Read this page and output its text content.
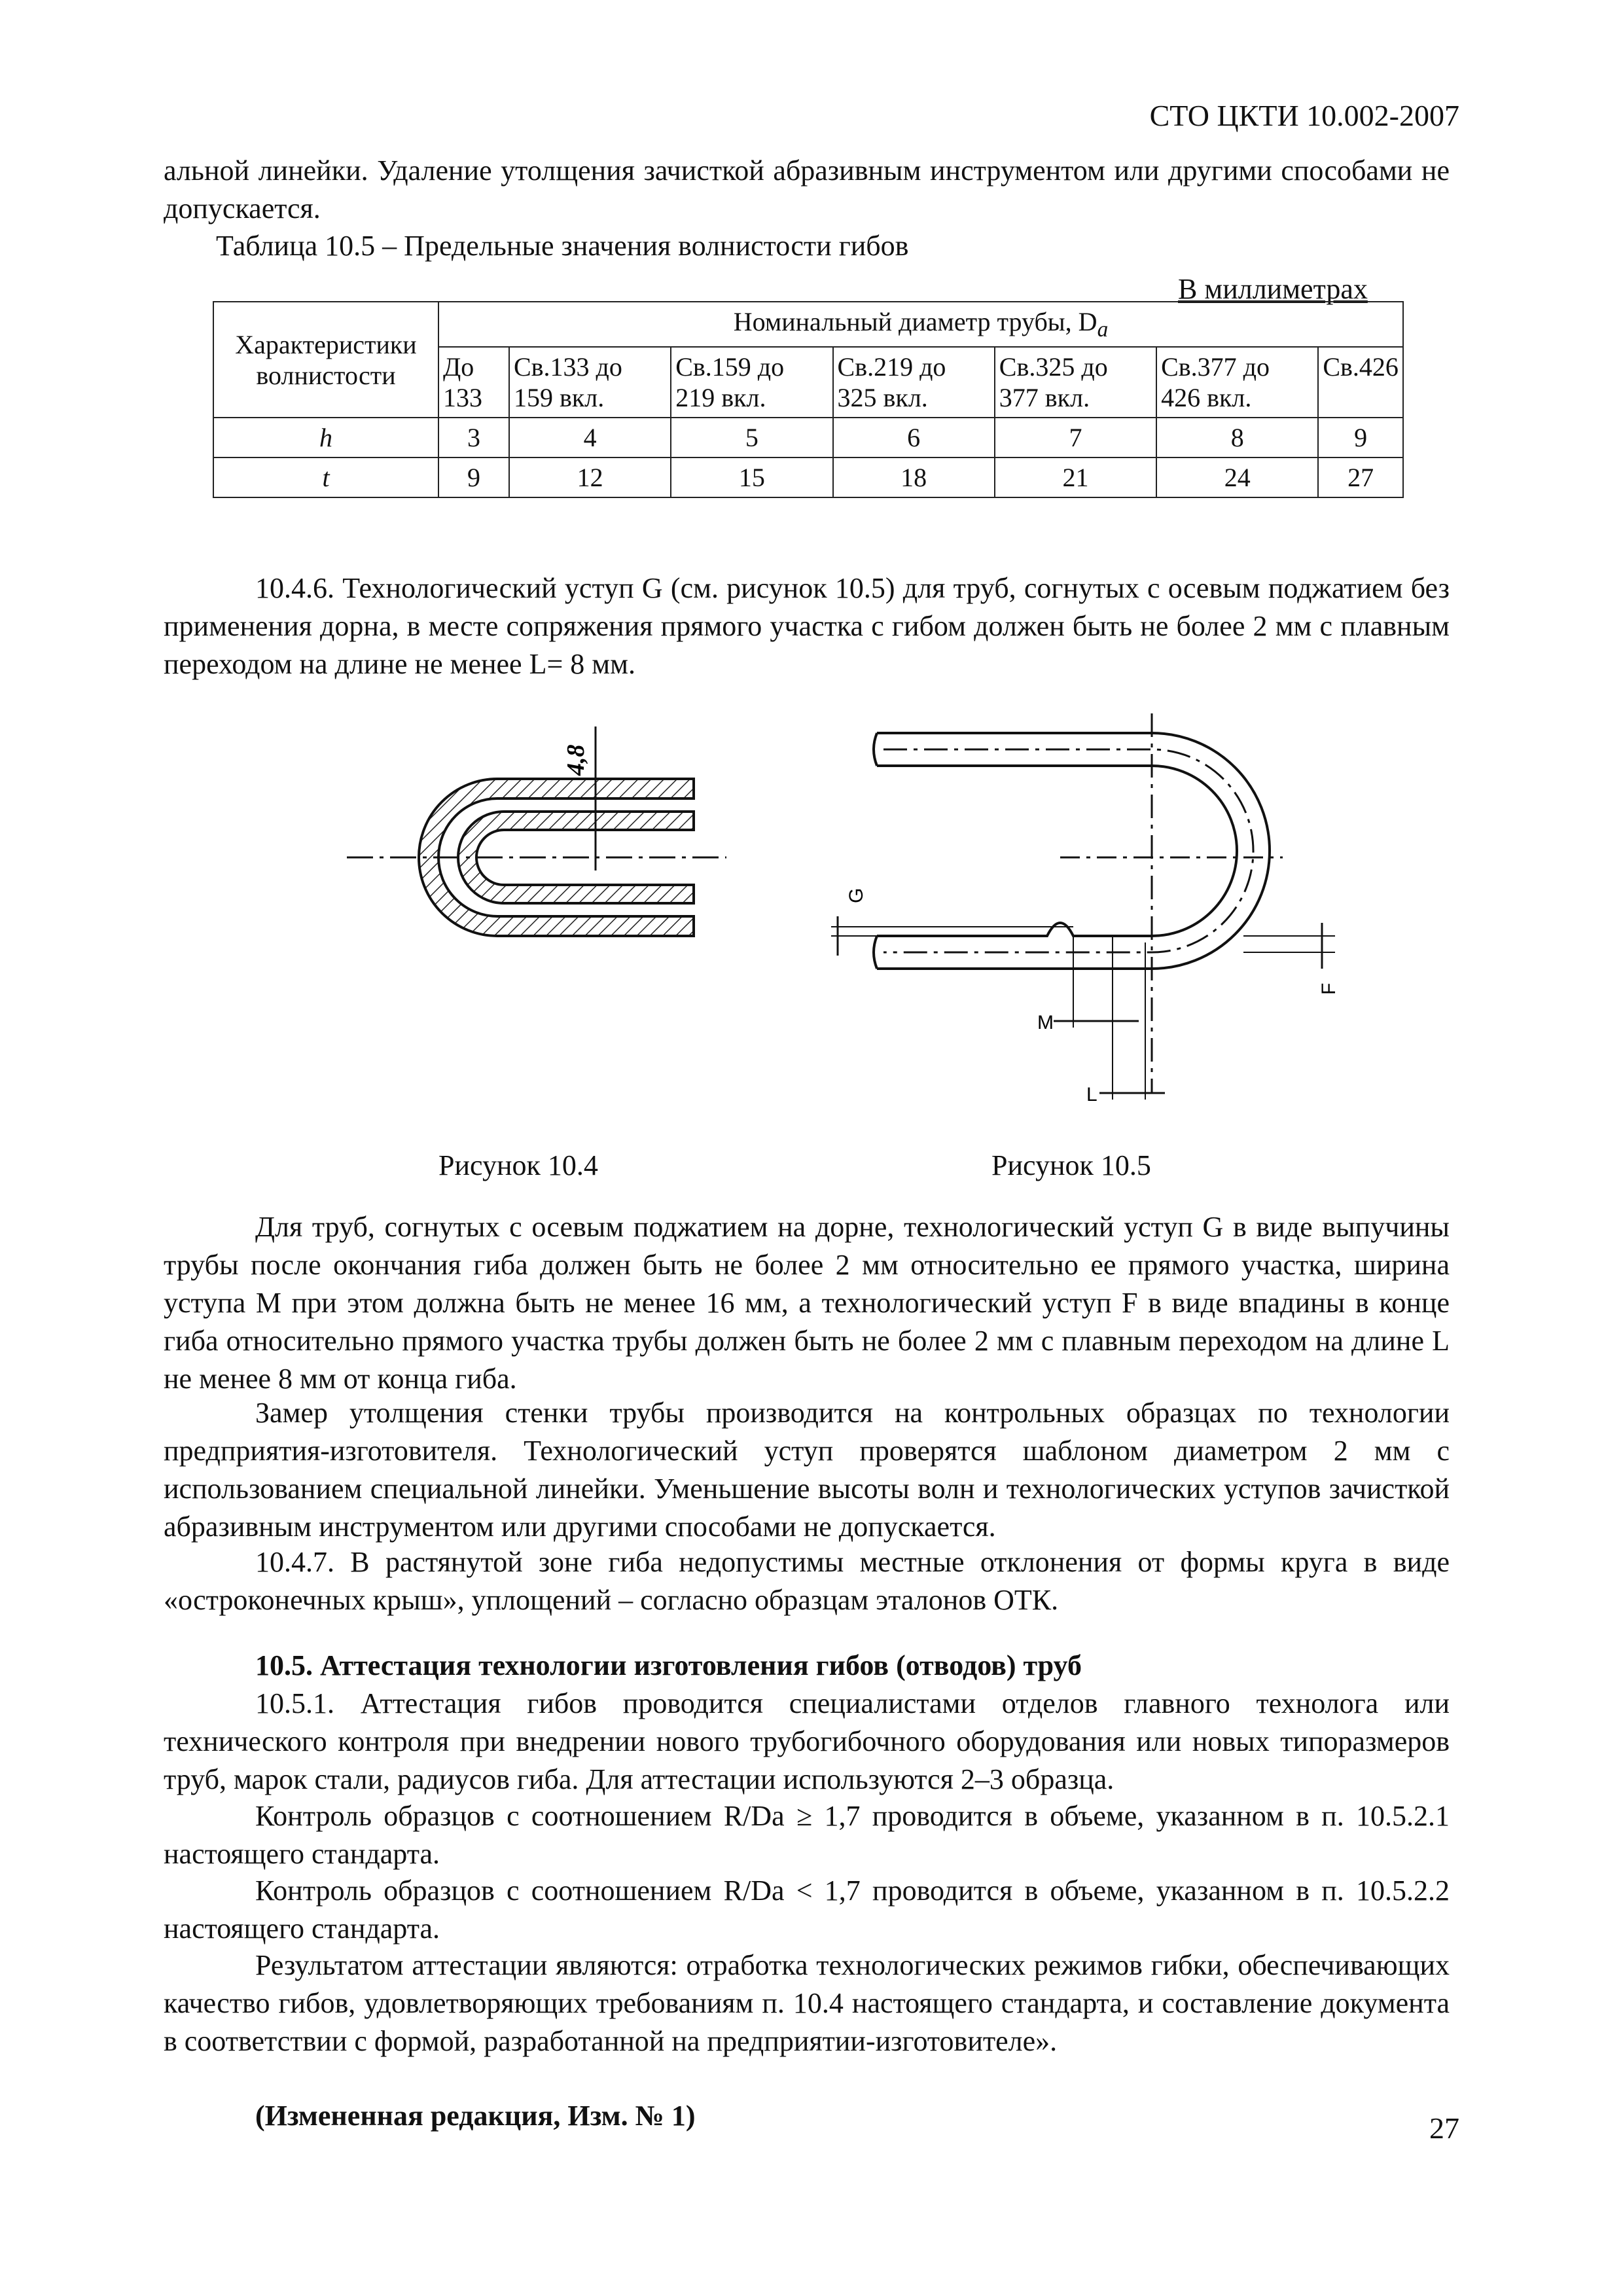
СТО ЦКТИ 10.002-2007
альной линейки. Удаление утолщения зачисткой абразивным инструментом или другими способами не допускается.
Таблица 10.5 – Предельные значения волнистости гибов
В миллиметрах
Характеристики волнистости	Номинальный диаметр трубы, $D_a$
	До 133	Св.133 до 159 вкл.	Св.159 до 219 вкл.	Св.219 до 325 вкл.	Св.325 до 377 вкл.	Св.377 до 426 вкл.	Св.426
h	3	4	5	6	7	8	9
t	9	12	15	18	21	24	27
10.4.6. Технологический уступ G (см. рисунок 10.5) для труб, согнутых с осевым поджатием без применения дорна, в месте сопряжения прямого участка с гибом должен быть не более 2 мм с плавным переходом на длине не менее L= 8 мм.
4,8
G
F
M
L
Рисунок 10.4	Рисунок 10.5
Для труб, согнутых с осевым поджатием на дорне, технологический уступ G в виде выпучины трубы после окончания гиба должен быть не более 2 мм относительно ее прямого участка, ширина уступа M при этом должна быть не менее 16 мм, а технологический уступ F в виде впадины в конце гиба относительно прямого участка трубы должен быть не более 2 мм с плавным переходом на длине L не менее 8 мм от конца гиба.
Замер утолщения стенки трубы производится на контрольных образцах по технологии предприятия-изготовителя. Технологический уступ проверятся шаблоном диаметром 2 мм с использованием специальной линейки. Уменьшение высоты волн и технологических уступов зачисткой абразивным инструментом или другими способами не допускается.
10.4.7. В растянутой зоне гиба недопустимы местные отклонения от формы круга в виде «остроконечных крыш», уплощений – согласно образцам эталонов ОТК.
10.5. Аттестация технологии изготовления гибов (отводов) труб
10.5.1. Аттестация гибов проводится специалистами отделов главного технолога или технического контроля при внедрении нового трубогибочного оборудования или новых типоразмеров труб, марок стали, радиусов гиба. Для аттестации используются 2–3 образца.
Контроль образцов с соотношением R/Da ≥ 1,7 проводится в объеме, указанном в п. 10.5.2.1 настоящего стандарта.
Контроль образцов с соотношением R/Da < 1,7 проводится в объеме, указанном в п. 10.5.2.2 настоящего стандарта.
Результатом аттестации являются: отработка технологических режимов гибки, обеспечивающих качество гибов, удовлетворяющих требованиям п. 10.4 настоящего стандарта, и составление документа в соответствии с формой, разработанной на предприятии-изготовителе».
(Измененная редакция, Изм. № 1)	27
